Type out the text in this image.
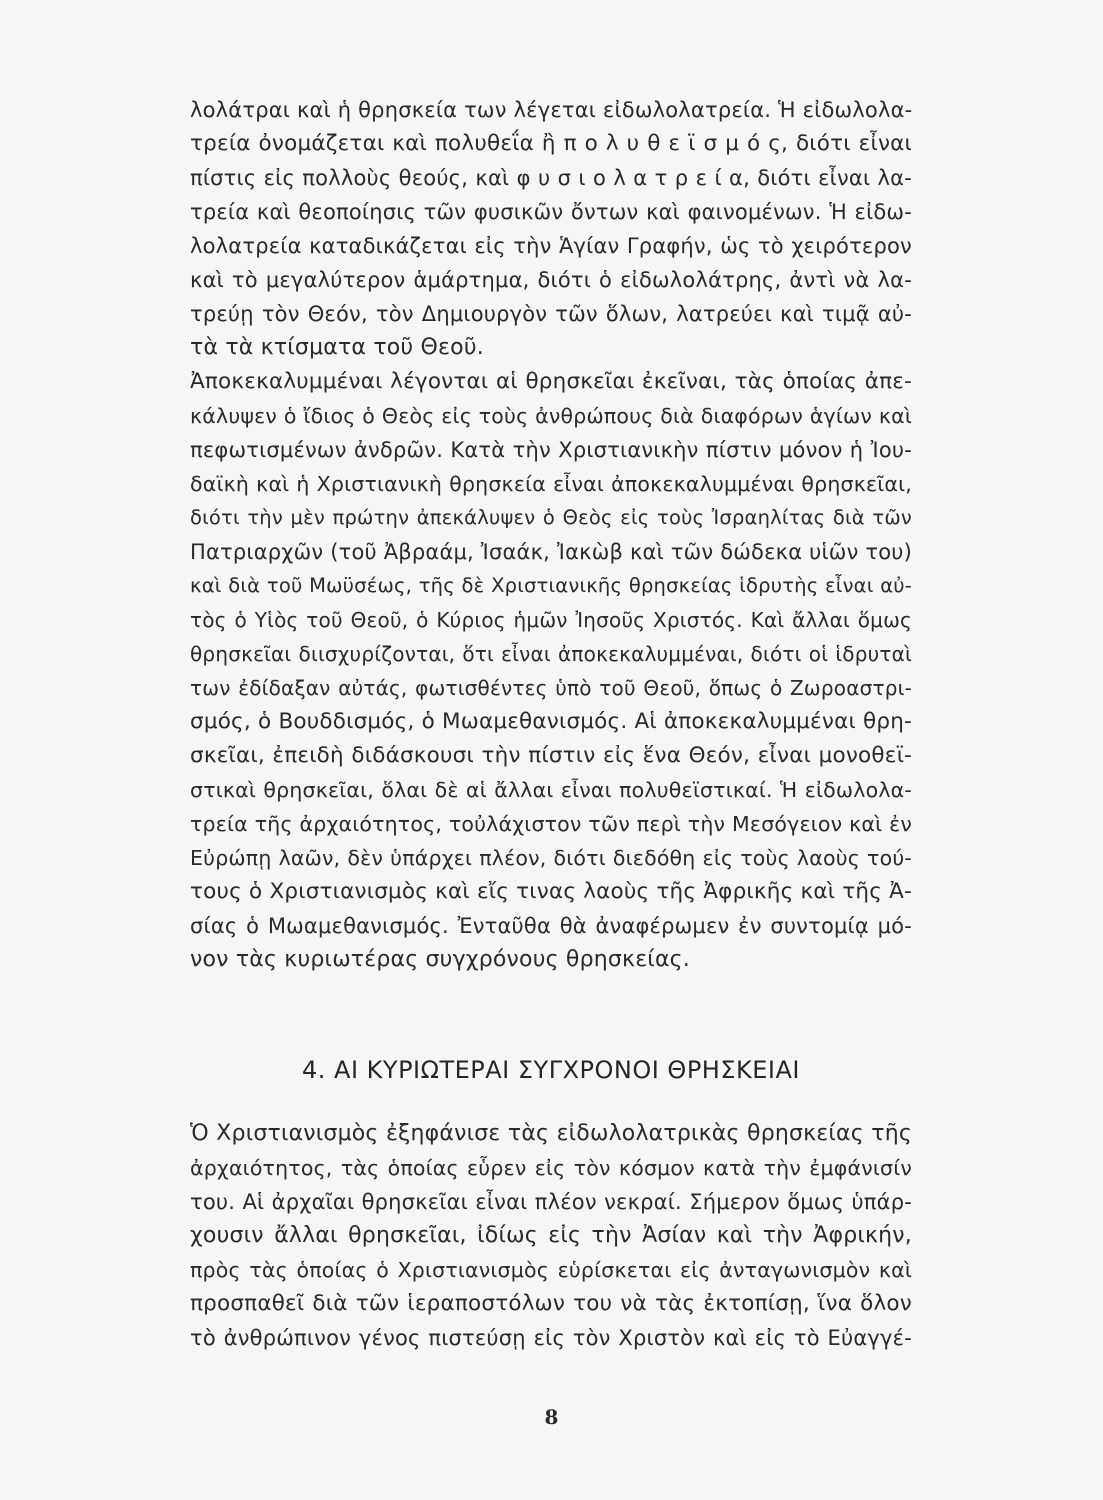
λολάτραι καὶ ἡ θρησκεία των λέγεται εἰδωλολατρεία. Ἡ εἰδωλολα-
τρεία ὀνομάζεται καὶ πολυθεΐα ἢ π ο λ υ θ ε ϊ σ μ ό ς, διότι εἶναι
πίστις εἰς πολλοὺς θεούς, καὶ φ υ σ ι ο λ α τ ρ ε ί α, διότι εἶναι λα-
τρεία καὶ θεοποίησις τῶν φυσικῶν ὄντων καὶ φαινομένων. Ἡ εἰδω-
λολατρεία καταδικάζεται εἰς τὴν Ἁγίαν Γραφήν, ὡς τὸ χειρότερον
καὶ τὸ μεγαλύτερον ἁμάρτημα, διότι ὁ εἰδωλολάτρης, ἀντὶ νὰ λα-
τρεύῃ τὸν Θεόν, τὸν Δημιουργὸν τῶν ὅλων, λατρεύει καὶ τιμᾷ αὐ-
τὰ τὰ κτίσματα τοῦ Θεοῦ.
Ἀποκεκαλυμμέναι λέγονται αἱ θρησκεῖαι ἐκεῖναι, τὰς ὁποίας ἀπε-
κάλυψεν ὁ ἴδιος ὁ Θεὸς εἰς τοὺς ἀνθρώπους διὰ διαφόρων ἁγίων καὶ
πεφωτισμένων ἀνδρῶν. Κατὰ τὴν Χριστιανικὴν πίστιν μόνον ἡ Ἰου-
δαϊκὴ καὶ ἡ Χριστιανικὴ θρησκεία εἶναι ἀποκεκαλυμμέναι θρησκεῖαι,
διότι τὴν μὲν πρώτην ἀπεκάλυψεν ὁ Θεὸς εἰς τοὺς Ἰσραηλίτας διὰ τῶν
Πατριαρχῶν (τοῦ Ἀβραάμ, Ἰσαάκ, Ἰακὼβ καὶ τῶν δώδεκα υἱῶν του)
καὶ διὰ τοῦ Μωϋσέως, τῆς δὲ Χριστιανικῆς θρησκείας ἱδρυτὴς εἶναι αὐ-
τὸς ὁ Υἱὸς τοῦ Θεοῦ, ὁ Κύριος ἡμῶν Ἰησοῦς Χριστός. Καὶ ἄλλαι ὅμως
θρησκεῖαι διισχυρίζονται, ὅτι εἶναι ἀποκεκαλυμμέναι, διότι οἱ ἱδρυταὶ
των ἐδίδαξαν αὐτάς, φωτισθέντες ὑπὸ τοῦ Θεοῦ, ὅπως ὁ Ζωροαστρι-
σμός, ὁ Βουδδισμός, ὁ Μωαμεθανισμός. Αἱ ἀποκεκαλυμμέναι θρη-
σκεῖαι, ἐπειδὴ διδάσκουσι τὴν πίστιν εἰς ἕνα Θεόν, εἶναι μονοθεϊ-
στικαὶ θρησκεῖαι, ὅλαι δὲ αἱ ἄλλαι εἶναι πολυθεϊστικαί. Ἡ εἰδωλολα-
τρεία τῆς ἀρχαιότητος, τοὐλάχιστον τῶν περὶ τὴν Μεσόγειον καὶ ἐν
Εὐρώπῃ λαῶν, δὲν ὑπάρχει πλέον, διότι διεδόθη εἰς τοὺς λαοὺς τού-
τους ὁ Χριστιανισμὸς καὶ εἴς τινας λαοὺς τῆς Ἀφρικῆς καὶ τῆς Ἀ-
σίας ὁ Μωαμεθανισμός. Ἐνταῦθα θὰ ἀναφέρωμεν ἐν συντομίᾳ μό-
νον τὰς κυριωτέρας συγχρόνους θρησκείας.
4. ΑΙ ΚΥΡΙΩΤΕΡΑΙ ΣΥΓΧΡΟΝΟΙ ΘΡΗΣΚΕΙΑΙ
Ὁ Χριστιανισμὸς ἐξηφάνισε τὰς εἰδωλολατρικὰς θρησκείας τῆς
ἀρχαιότητος, τὰς ὁποίας εὗρεν εἰς τὸν κόσμον κατὰ τὴν ἐμφάνισίν
του. Αἱ ἀρχαῖαι θρησκεῖαι εἶναι πλέον νεκραί. Σήμερον ὅμως ὑπάρ-
χουσιν ἄλλαι θρησκεῖαι, ἰδίως εἰς τὴν Ἀσίαν καὶ τὴν Ἀφρικήν,
πρὸς τὰς ὁποίας ὁ Χριστιανισμὸς εὑρίσκεται εἰς ἀνταγωνισμὸν καὶ
προσπαθεῖ διὰ τῶν ἱεραποστόλων του νὰ τὰς ἐκτοπίσῃ, ἵνα ὅλον
τὸ ἀνθρώπινον γένος πιστεύσῃ εἰς τὸν Χριστὸν καὶ εἰς τὸ Εὐαγγέ-
8
